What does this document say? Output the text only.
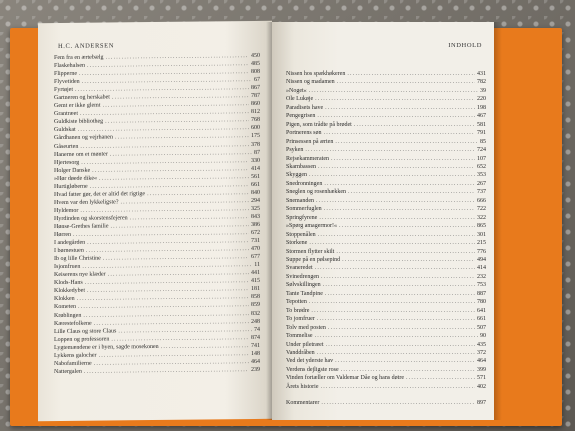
H.C. ANDERSEN
Fem fra en ærtebælg .....	450
Flaskehalsen .....	485
Flipperne .....	808
Flyvetiden .....	67
Fyrtøjet .....	867
Gartneren og herskabet .....	787
Gemt er ikke glemt .....	860
Grantræet .....	812
Guldkiste bibliotheg .....	768
Guldskat .....	600
Gårdhanen og vejrhanen .....	175
Gåseurten .....	378
Hanerne om et mønter .....	87
Hjertesorg .....	330
Holger Danske .....	414
»Hør døede dike« .....	561
Hurtigløberne .....	661
Hvad fatter gør, det er altid det rigtige .....	840
Hvem var den lykkeligste? .....	294
Hyldemor .....	325
Hyrdinden og skorstensfejeren .....	843
Hønse-Grethes familie .....	386
Hørren .....	672
I andegården .....	731
I børnestuen .....	470
Ib og lille Christine .....	677
Isjomfruen .....	11
Keiserens nye klæder .....	441
Klods-Hans .....	415
Klokkedybet .....	181
Klokken .....	858
Kometen .....	859
Krøblingen .....	832
Kærestefolkene .....	248
Lille Claus og store Claus .....	74
Loppen og professoren .....	874
Lygtemændene er i byen, sagde mosekonen .....	741
Lykkens galocher .....	148
Nabofamilierne .....	464
Nattergalen .....	239
INDHOLD
Nissen hos spækhøkeren .....	431
Nissen og madamen .....	782
»Noget« .....	39
Ole Lukøje .....	220
Paradisets have .....	198
Pengegrisen .....	467
Pigen, som trådte på brødet .....	581
Portnerens søn .....	791
Prinsessen på ærten .....	85
Psyken .....	724
Rejsekammeraten .....	107
Skarnbassen .....	652
Skyggen .....	353
Snedronningen .....	267
Sneglen og rosenhækken .....	737
Snemanden .....	666
Sommerfuglen .....	722
Springfyrene .....	322
»Spørg amagermor!« .....	865
Stoppenålen .....	301
Storkene .....	215
Stormen flytter skilt .....	776
Suppe på en pølsepind .....	494
Svaneredet .....	414
Svinedrengen .....	232
Sølvskillingen .....	753
Tante Tandpine .....	887
Tepotten .....	780
To brødre .....	641
To jomfruer .....	661
Tolv med posten .....	507
Tommelise .....	90
Under piletræet .....	435
Vanddråben .....	372
Ved det yderste hav .....	464
Verdens dejligste rose .....	399
Vinden fortæller om Valdemar Dåe og hans døtre .....	571
Årets historie .....	402
Kommentarer .....	897
